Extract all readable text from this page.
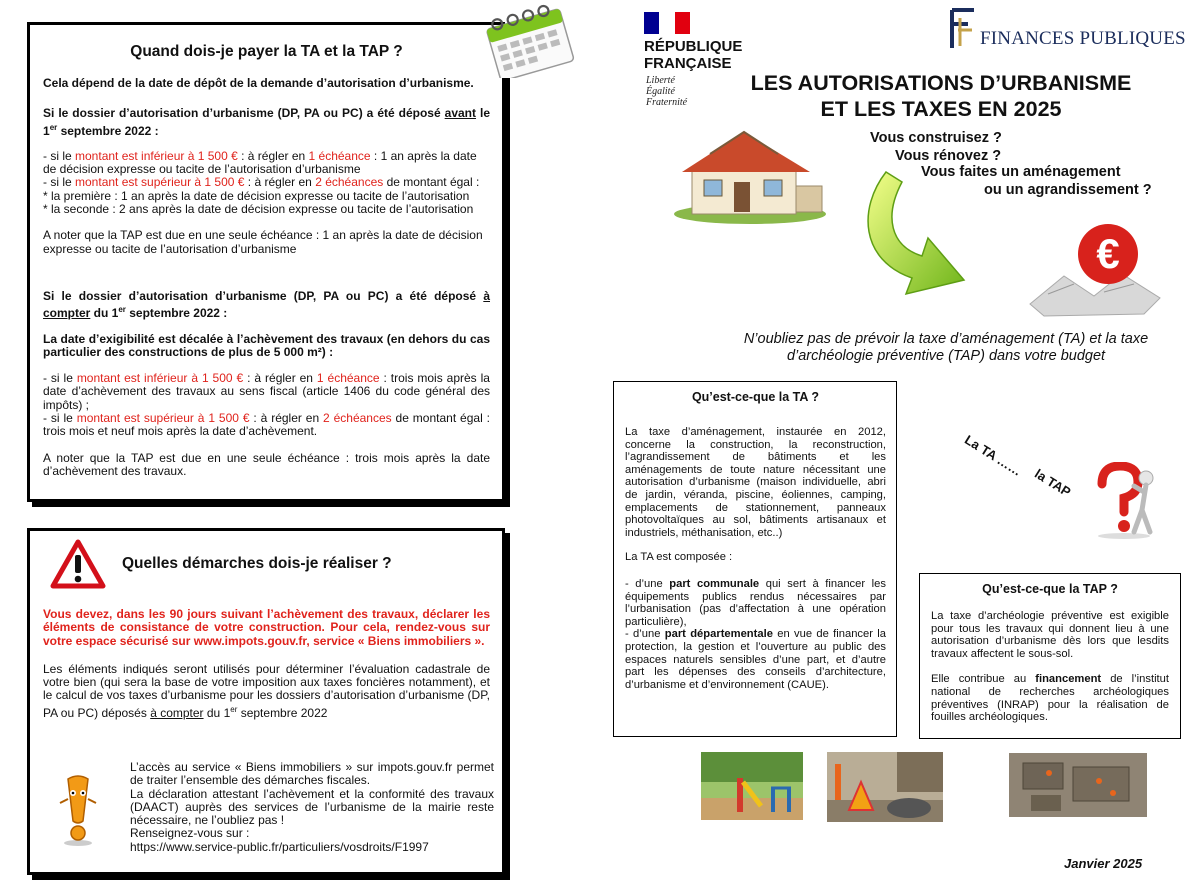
Quand dois-je payer la TA et la TAP ?

Cela dépend de la date de dépôt de la demande d’autorisation d’urbanisme.

Si le dossier d’autorisation d’urbanisme (DP, PA ou PC) a été déposé avant le 1er septembre 2022 :

- si le montant est inférieur à 1 500 € : à régler en 1 échéance : 1 an après la date de décision expresse ou tacite de l’autorisation d’urbanisme

- si le montant est supérieur à 1 500 € : à régler en 2 échéances de montant égal :

* la première : 1 an après la date de décision expresse ou tacite de l’autorisation

* la seconde : 2 ans après la date de décision expresse ou tacite de l’autorisation

A noter que la TAP est due en une seule échéance : 1 an après la date de décision expresse ou tacite de l’autorisation d’urbanisme

Si le dossier d’autorisation d’urbanisme (DP, PA ou PC) a été déposé à compter du 1er septembre 2022 :

La date d’exigibilité est décalée à l’achèvement des travaux (en dehors du cas particulier des constructions de plus de 5 000 m²) :

- si le montant est inférieur à 1 500 € : à régler en 1 échéance : trois mois après la date d’achèvement des travaux au sens fiscal (article 1406 du code général des impôts) ;

- si le montant est supérieur à 1 500 € : à régler en 2 échéances de montant égal : trois mois et neuf mois après la date d’achèvement.

A noter que la TAP est due en une seule échéance : trois mois après la date d’achèvement des travaux.

Quelles démarches dois-je réaliser ?

Vous devez, dans les 90 jours suivant l’achèvement des travaux, déclarer les éléments de consistance de votre construction. Pour cela, rendez-vous sur votre espace sécurisé sur www.impots.gouv.fr, service « Biens immobiliers ».

Les éléments indiqués seront utilisés pour déterminer l’évaluation cadastrale de votre bien (qui sera la base de votre imposition aux taxes foncières notamment), et le calcul de vos taxes d’urbanisme pour les dossiers d’autorisation d’urbanisme (DP, PA ou PC) déposés à compter du 1er septembre 2022

L’accès au service « Biens immobiliers » sur impots.gouv.fr permet de traiter l’ensemble des démarches fiscales.

La déclaration attestant l’achèvement et la conformité des travaux (DAACT) auprès des services de l’urbanisme de la mairie reste nécessaire, ne l’oubliez pas !

Renseignez-vous sur :

https://www.service-public.fr/particuliers/vosdroits/F1997

RÉPUBLIQUE
FRANÇAISE
Liberté
Égalité
Fraternité
FINANCES PUBLIQUES
LES AUTORISATIONS D’URBANISME
ET LES TAXES EN 2025
Vous construisez ?
Vous rénovez ?
Vous faites un aménagement
ou un agrandissement ?
€
N’oubliez pas de prévoir la taxe d’aménagement (TA) et la taxe d’archéologie préventive (TAP) dans votre budget
Qu’est-ce-que la TA ?

La taxe d’aménagement, instaurée en 2012, concerne la construction, la reconstruction, l’agrandissement de bâtiments et les aménagements de toute nature nécessitant une autorisation d’urbanisme (maison individuelle, abri de jardin, véranda, piscine, éoliennes, camping, emplacements de stationnement, panneaux photovoltaïques au sol, bâtiments artisanaux et industriels, méthanisation, etc..)

La TA est composée :

- d’une part communale qui sert à financer les équipements publics rendus nécessaires par l’urbanisation (pas d’affectation à une opération particulière),

- d’une part départementale en vue de financer la protection, la gestion et l’ouverture au public des espaces naturels sensibles d’une part, et d’autre part les dépenses des conseils d’architecture, d’urbanisme et d’environnement (CAUE).

La TA ……
la TAP
Qu’est-ce-que la TAP ?

La taxe d’archéologie préventive est exigible pour tous les travaux qui donnent lieu à une autorisation d’urbanisme dès lors que lesdits travaux affectent le sous-sol.

Elle contribue au financement de l’institut national de recherches archéologiques préventives (INRAP) pour la réalisation de fouilles archéologiques.

Janvier 2025
